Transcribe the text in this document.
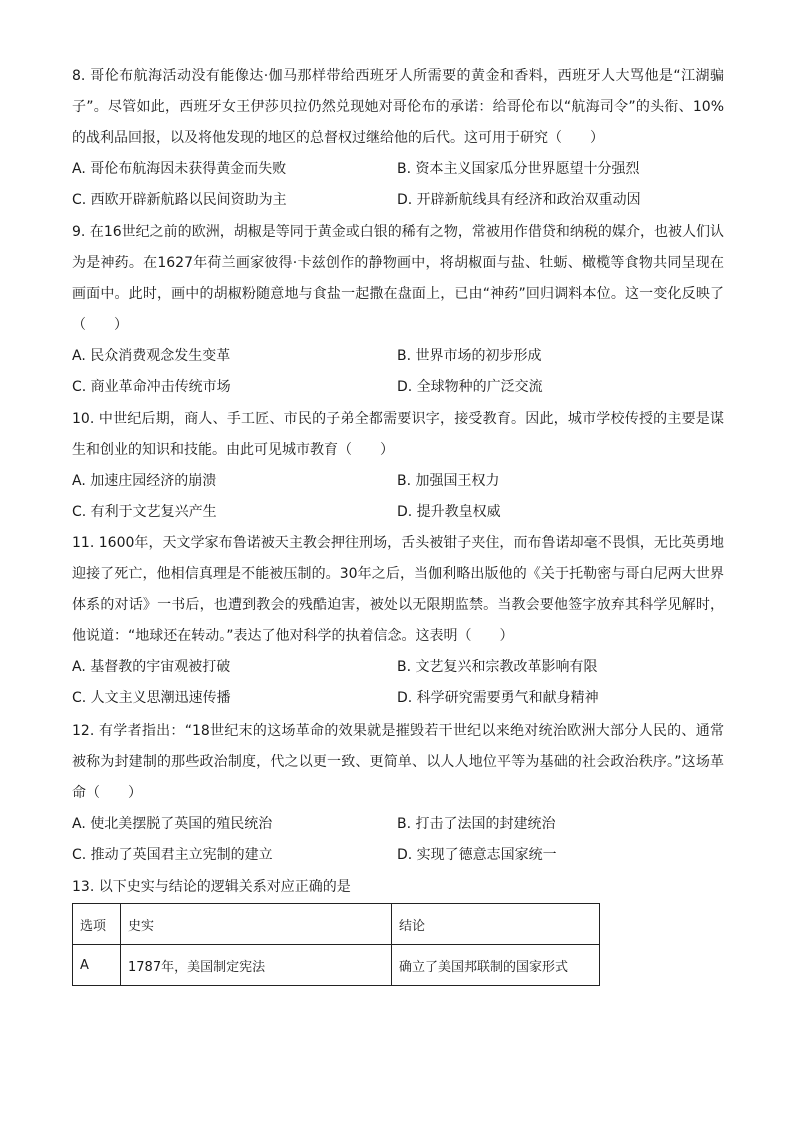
8. 哥伦布航海活动没有能像达·伽马那样带给西班牙人所需要的黄金和香料，西班牙人大骂他是“江湖骗子”。尽管如此，西班牙女王伊莎贝拉仍然兑现她对哥伦布的承诺：给哥伦布以“航海司令”的头衔、10%的战利品回报，以及将他发现的地区的总督权过继给他的后代。这可用于研究（　　）

A. 哥伦布航海因未获得黄金而失败	B. 资本主义国家瓜分世界愿望十分强烈
C. 西欧开辟新航路以民间资助为主	D. 开辟新航线具有经济和政治双重动因

9. 在16世纪之前的欧洲，胡椒是等同于黄金或白银的稀有之物，常被用作借贷和纳税的媒介，也被人们认为是神药。在1627年荷兰画家彼得·卡兹创作的静物画中，将胡椒面与盐、牡蛎、橄榄等食物共同呈现在画面中。此时，画中的胡椒粉随意地与食盐一起撒在盘面上，已由“神药”回归调料本位。这一变化反映了（　　）

A. 民众消费观念发生变革	B. 世界市场的初步形成
C. 商业革命冲击传统市场	D. 全球物种的广泛交流

10. 中世纪后期，商人、手工匠、市民的子弟全都需要识字，接受教育。因此，城市学校传授的主要是谋生和创业的知识和技能。由此可见城市教育（　　）

A. 加速庄园经济的崩溃	B. 加强国王权力
C. 有利于文艺复兴产生	D. 提升教皇权威

11. 1600年，天文学家布鲁诺被天主教会押往刑场，舌头被钳子夹住，而布鲁诺却毫不畏惧，无比英勇地迎接了死亡，他相信真理是不能被压制的。30年之后，当伽利略出版他的《关于托勒密与哥白尼两大世界体系的对话》一书后，也遭到教会的残酷迫害，被处以无限期监禁。当教会要他签字放弃其科学见解时，他说道：“地球还在转动。”表达了他对科学的执着信念。这表明（　　）

A. 基督教的宇宙观被打破	B. 文艺复兴和宗教改革影响有限
C. 人文主义思潮迅速传播	D. 科学研究需要勇气和献身精神

12. 有学者指出：“18世纪末的这场革命的效果就是摧毁若干世纪以来绝对统治欧洲大部分人民的、通常被称为封建制的那些政治制度，代之以更一致、更简单、以人人地位平等为基础的社会政治秩序。”这场革命（　　）

A. 使北美摆脱了英国的殖民统治	B. 打击了法国的封建统治
C. 推动了英国君主立宪制的建立	D. 实现了德意志国家统一

13. 以下史实与结论的逻辑关系对应正确的是

选项	史实	结论
A	1787年，美国制定宪法	确立了美国邦联制的国家形式
